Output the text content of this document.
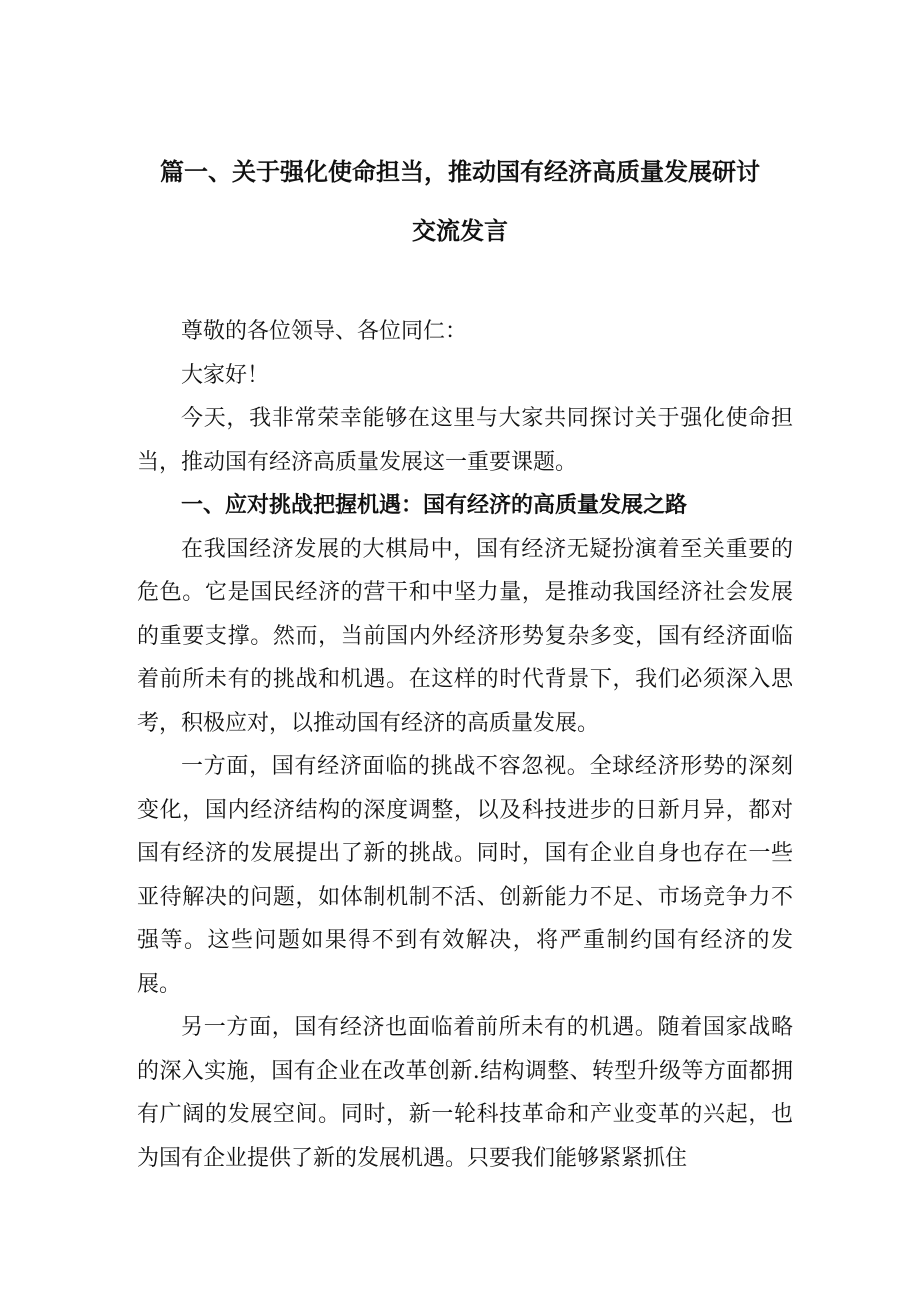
篇一、关于强化使命担当，推动国有经济高质量发展研讨
交流发言

尊敬的各位领导、各位同仁：

大家好！

今天，我非常荣幸能够在这里与大家共同探讨关于强化使命担当，推动国有经济高质量发展这一重要课题。

一、应对挑战把握机遇：国有经济的高质量发展之路

在我国经济发展的大棋局中，国有经济无疑扮演着至关重要的危色。它是国民经济的营干和中坚力量，是推动我国经济社会发展的重要支撑。然而，当前国内外经济形势复杂多变，国有经济面临着前所未有的挑战和机遇。在这样的时代背景下，我们必须深入思考，积极应对，以推动国有经济的高质量发展。

一方面，国有经济面临的挑战不容忽视。全球经济形势的深刻变化，国内经济结构的深度调整，以及科技进步的日新月异，都对国有经济的发展提出了新的挑战。同时，国有企业自身也存在一些亚待解决的问题，如体制机制不活、创新能力不足、市场竞争力不强等。这些问题如果得不到有效解决，将严重制约国有经济的发展。

另一方面，国有经济也面临着前所未有的机遇。随着国家战略的深入实施，国有企业在改革创新.结构调整、转型升级等方面都拥有广阔的发展空间。同时，新一轮科技革命和产业变革的兴起，也为国有企业提供了新的发展机遇。只要我们能够紧紧抓住
